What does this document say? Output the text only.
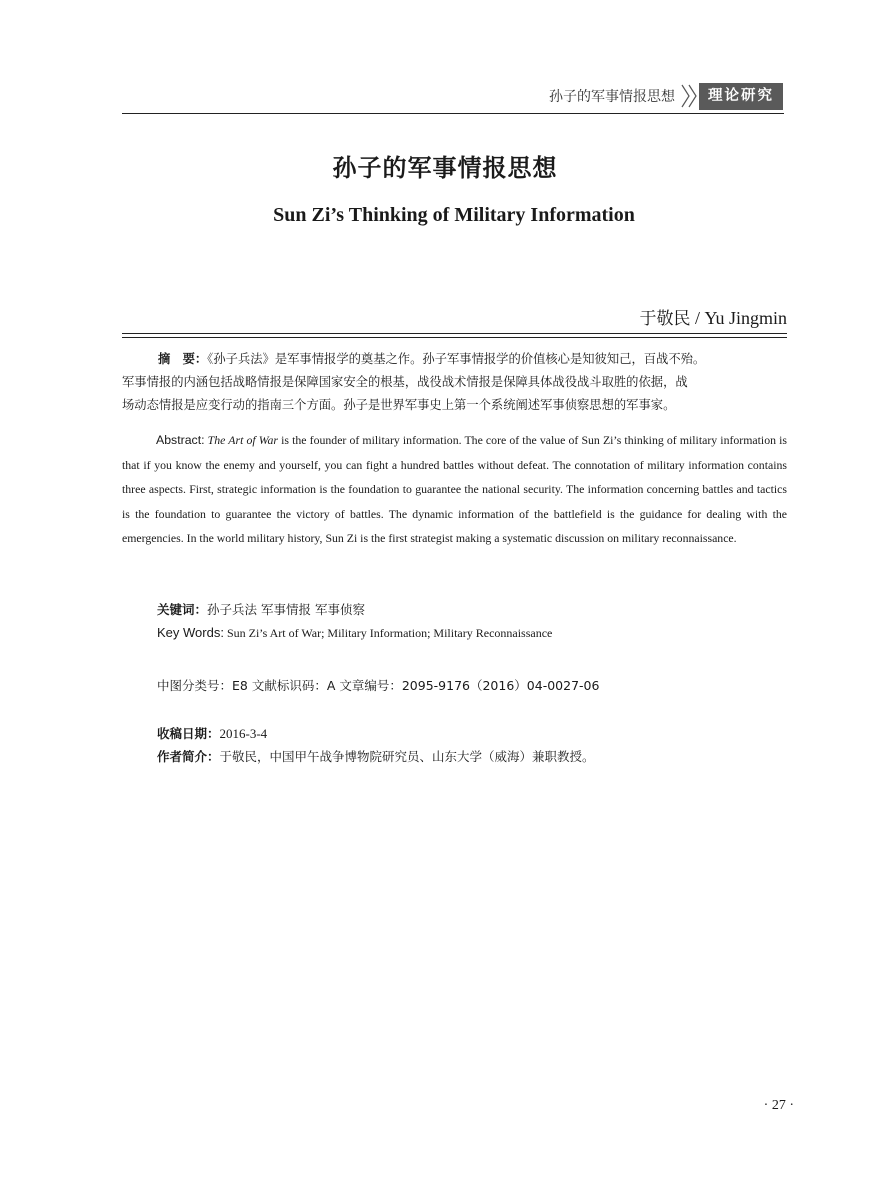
孙子的军事情报思想	理论研究
孙子的军事情报思想
Sun Zi’s Thinking of Military Information
于敬民 / Yu Jingmin
摘　要：《孙子兵法》是军事情报学的奠基之作。孙子军事情报学的价值核心是知彼知己，百战不殆。
军事情报的内涵包括战略情报是保障国家安全的根基，战役战术情报是保障具体战役战斗取胜的依据，战
场动态情报是应变行动的指南三个方面。孙子是世界军事史上第一个系统阐述军事侦察思想的军事家。
Abstract: The Art of War is the founder of military information. The core of the value of Sun Zi’s thinking of military information is that if you know the enemy and yourself, you can fight a hundred battles without defeat. The connotation of military information contains three aspects. First, strategic information is the foundation to guarantee the national security. The information concerning battles and tactics is the foundation to guarantee the victory of battles. The dynamic information of the battlefield is the guidance for dealing with the emergencies. In the world military history, Sun Zi is the first strategist making a systematic discussion on military reconnaissance.
关键词：孙子兵法 军事情报 军事侦察
Key Words: Sun Zi’s Art of War; Military Information; Military Reconnaissance
中图分类号：E8 文献标识码：A 文章编号：2095-9176（2016）04-0027-06
收稿日期：2016-3-4
作者简介：于敬民，中国甲午战争博物院研究员、山东大学（威海）兼职教授。
· 27 ·
